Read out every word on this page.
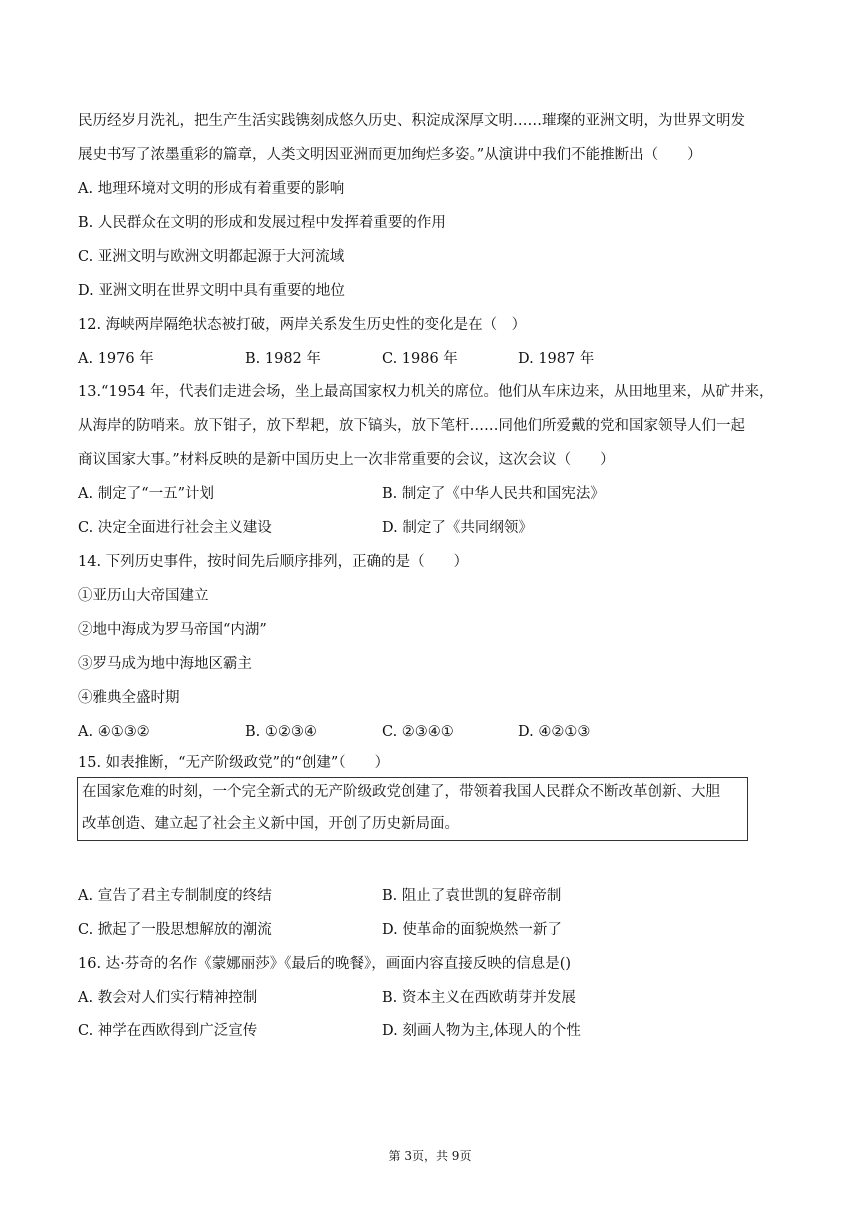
民历经岁月洗礼，把生产生活实践镌刻成悠久历史、积淀成深厚文明……璀璨的亚洲文明，为世界文明发
展史书写了浓墨重彩的篇章，人类文明因亚洲而更加绚烂多姿。”从演讲中我们不能推断出（　　）
A. 地理环境对文明的形成有着重要的影响
B. 人民群众在文明的形成和发展过程中发挥着重要的作用
C. 亚洲文明与欧洲文明都起源于大河流域
D. 亚洲文明在世界文明中具有重要的地位
12. 海峡两岸隔绝状态被打破，两岸关系发生历史性的变化是在（　）
A. 1976 年	B. 1982 年	C. 1986 年	D. 1987 年
13.“1954 年，代表们走进会场，坐上最高国家权力机关的席位。他们从车床边来，从田地里来，从矿井来，
从海岸的防哨来。放下钳子，放下犁耙，放下镐头，放下笔杆……同他们所爱戴的党和国家领导人们一起
商议国家大事。”材料反映的是新中国历史上一次非常重要的会议，这次会议（　　）
A. 制定了“一五”计划	B. 制定了《中华人民共和国宪法》
C. 决定全面进行社会主义建设	D. 制定了《共同纲领》
14. 下列历史事件，按时间先后顺序排列，正确的是（　　）
①亚历山大帝国建立
②地中海成为罗马帝国“内湖”
③罗马成为地中海地区霸主
④雅典全盛时期
A. ④①③②	B. ①②③④	C. ②③④①	D. ④②①③
15. 如表推断，“无产阶级政党”的“创建”（　　）
在国家危难的时刻，一个完全新式的无产阶级政党创建了，带领着我国人民群众不断改革创新、大胆
改革创造、建立起了社会主义新中国，开创了历史新局面。
A. 宣告了君主专制制度的终结	B. 阻止了袁世凯的复辟帝制
C. 掀起了一股思想解放的潮流	D. 使革命的面貌焕然一新了
16. 达·芬奇的名作《蒙娜丽莎》《最后的晚餐》，画面内容直接反映的信息是()
A. 教会对人们实行精神控制	B. 资本主义在西欧萌芽并发展
C. 神学在西欧得到广泛宣传	D. 刻画人物为主,体现人的个性
第 3页，共 9页
